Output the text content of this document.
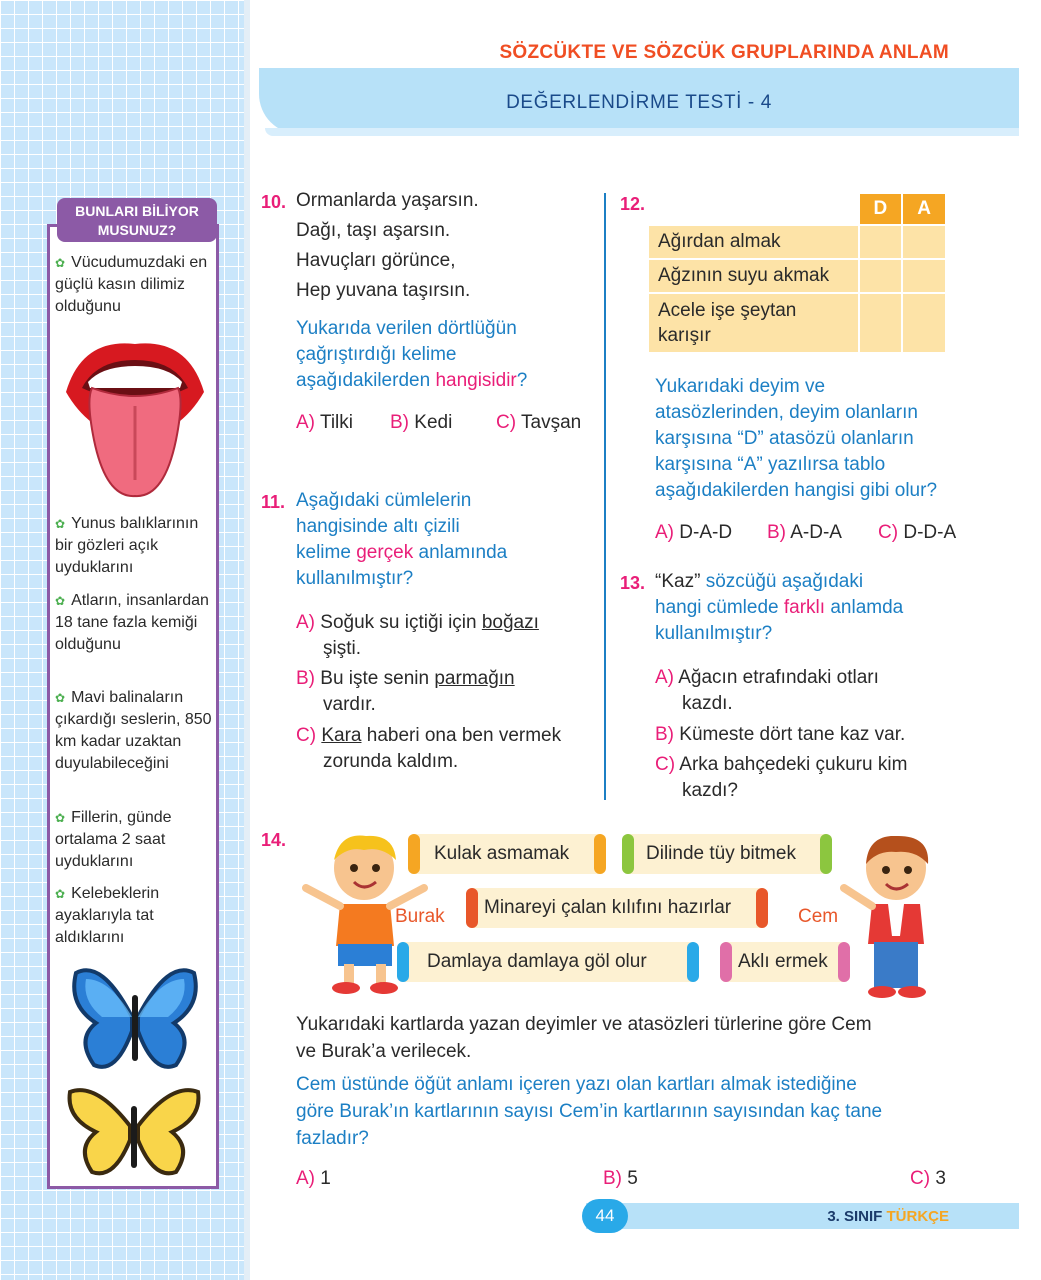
SÖZCÜKTE VE SÖZCÜK GRUPLARINDA ANLAM
DEĞERLENDİRME TESTİ - 4
BUNLARI BİLİYOR
MUSUNUZ?
✿ Vücudumuzdaki en güçlü kasın dilimiz olduğunu
✿ Yunus balıklarının bir gözleri açık uyduklarını
✿ Atların, insanlardan 18 tane fazla kemiği olduğunu
✿ Mavi balinaların çıkardığı seslerin, 850 km kadar uzaktan duyulabileceğini
✿ Fillerin, günde ortalama 2 saat uyduklarını
✿ Kelebeklerin ayaklarıyla tat aldıklarını
10. Ormanlarda yaşarsın.
Dağı, taşı aşarsın.
Havuçları görünce,
Hep yuvana taşırsın.
Yukarıda verilen dörtlüğün
çağrıştırdığı kelime
aşağıdakilerden hangisidir?
A) Tilki B) Kedi C) Tavşan
11. Aşağıdaki cümlelerin
hangisinde altı çizili
kelime gerçek anlamında
kullanılmıştır?
A) Soğuk su içtiği için boğazı
şişti.
B) Bu işte senin parmağın
vardır.
C) Kara haberi ona ben vermek
zorunda kaldım.
12.
		D	A
Ağırdan almak		
Ağzının suyu akmak		
Acele işe şeytan karışır		
Yukarıdaki deyim ve
atasözlerinden, deyim olanların
karşısına “D” atasözü olanların
karşısına “A” yazılırsa tablo
aşağıdakilerden hangisi gibi olur?
A) D-A-D B) A-D-A C) D-D-A
13. “Kaz” sözcüğü aşağıdaki
hangi cümlede farklı anlamda
kullanılmıştır?
A) Ağacın etrafındaki otları
kazdı.
B) Kümeste dört tane kaz var.
C) Arka bahçedeki çukuru kim
kazdı?
14.
Burak	Cem
Kulak asmamak	Dilinde tüy bitmek
Minareyi çalan kılıfını hazırlar
Damlaya damlaya göl olur	Aklı ermek
Yukarıdaki kartlarda yazan deyimler ve atasözleri türlerine göre Cem
ve Burak’a verilecek.
Cem üstünde öğüt anlamı içeren yazı olan kartları almak istediğine
göre Burak’ın kartlarının sayısı Cem’in kartlarının sayısından kaç tane
fazladır?
A) 1	B) 5	C) 3
44	3. SINIF TÜRKÇE
